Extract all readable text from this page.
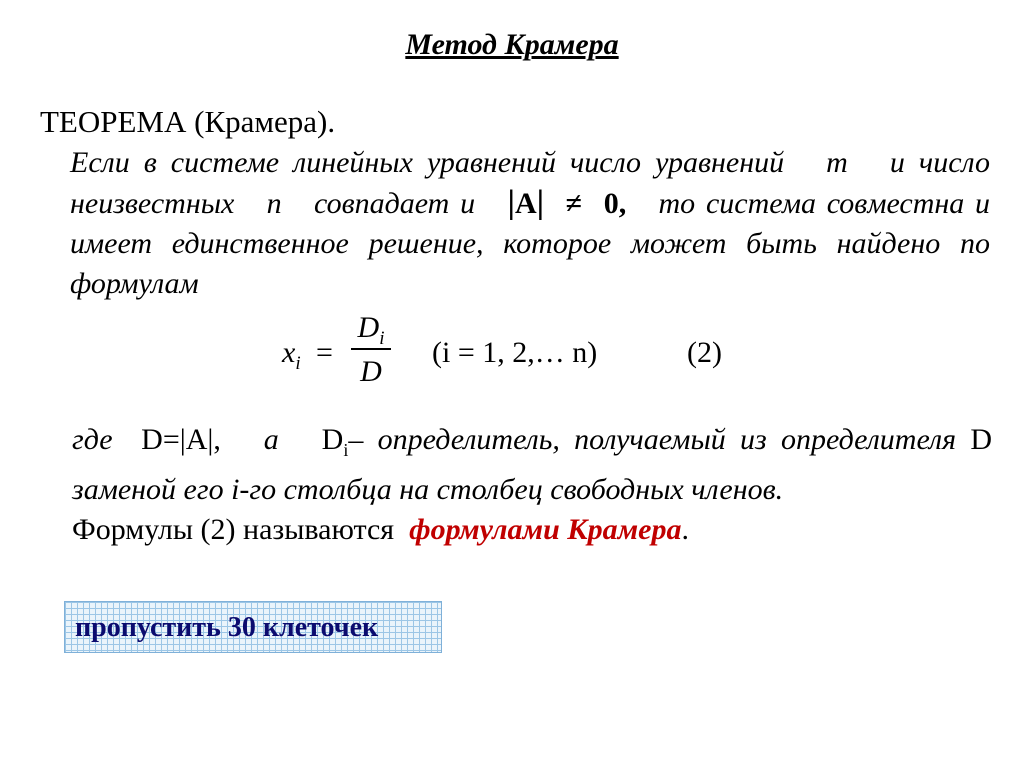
Метод Крамера
ТЕОРЕМА (Крамера).
Если в системе линейных уравнений число уравнений m и число неизвестных n совпадает и |A| ≠ 0, то система совместна и имеет единственное решение, которое может быть найдено по формулам
$x_i$ =
$D_i$
D
(i = 1, 2,… n)	(2)
где D=|A|, а $D_i-$ определитель, получаемый из определителя D заменой его i-го столбца на столбец свободных членов.
Формулы (2) называются формулами Крамера.
пропустить 30 клеточек
